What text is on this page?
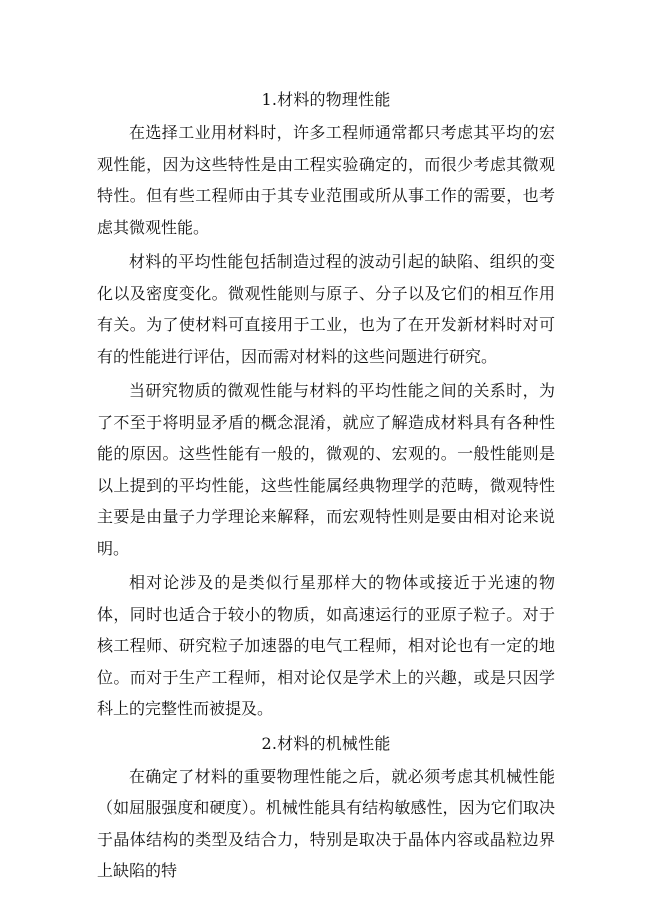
1.材料的物理性能

在选择工业用材料时，许多工程师通常都只考虑其平均的宏观性能，因为这些特性是由工程实验确定的，而很少考虑其微观特性。但有些工程师由于其专业范围或所从事工作的需要，也考虑其微观性能。

材料的平均性能包括制造过程的波动引起的缺陷、组织的变化以及密度变化。微观性能则与原子、分子以及它们的相互作用有关。为了使材料可直接用于工业，也为了在开发新材料时对可有的性能进行评估，因而需对材料的这些问题进行研究。

当研究物质的微观性能与材料的平均性能之间的关系时，为了不至于将明显矛盾的概念混淆，就应了解造成材料具有各种性能的原因。这些性能有一般的，微观的、宏观的。一般性能则是以上提到的平均性能，这些性能属经典物理学的范畴，微观特性主要是由量子力学理论来解释，而宏观特性则是要由相对论来说明。

相对论涉及的是类似行星那样大的物体或接近于光速的物体，同时也适合于较小的物质，如高速运行的亚原子粒子。对于核工程师、研究粒子加速器的电气工程师，相对论也有一定的地位。而对于生产工程师，相对论仅是学术上的兴趣，或是只因学科上的完整性而被提及。

2.材料的机械性能

在确定了材料的重要物理性能之后，就必须考虑其机械性能（如屈服强度和硬度）。机械性能具有结构敏感性，因为它们取决于晶体结构的类型及结合力，特别是取决于晶体内容或晶粒边界上缺陷的特
